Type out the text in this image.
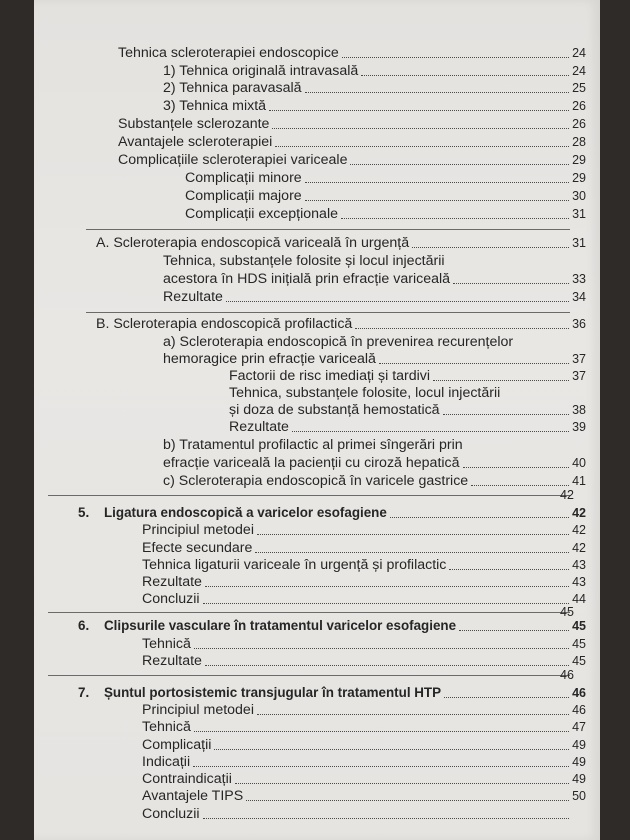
Tehnica scleroterapiei endoscopice	24
1) Tehnica originală intravasală	24
2) Tehnica paravasală	25
3) Tehnica mixtă	26
Substanțele sclerozante	26
Avantajele scleroterapiei	28
Complicațiile scleroterapiei variceale	29
Complicații minore	29
Complicații majore	30
Complicații excepționale	31
A. Scleroterapia endoscopică variceală în urgență	31
Tehnica, substanțele folosite și locul injectării
acestora în HDS inițială prin efracție variceală	33
Rezultate	34
B. Scleroterapia endoscopică profilactică	36
a) Scleroterapia endoscopică în prevenirea recurențelor
hemoragice prin efracție variceală	37
Factorii de risc imediați și tardivi	37
Tehnica, substanțele folosite, locul injectării
și doza de substanță hemostatică	38
Rezultate	39
b) Tratamentul profilactic al primei sîngerări prin
efracție variceală la pacienții cu ciroză hepatică	40
c) Scleroterapia endoscopică în varicele gastrice	41
42
5. Ligatura endoscopică a varicelor esofagiene	42
Principiul metodei	42
Efecte secundare	42
Tehnica ligaturii variceale în urgență și profilactic	43
Rezultate	43
Concluzii	44
45
6. Clipsurile vasculare în tratamentul varicelor esofagiene	45
Tehnică	45
Rezultate	45
46
7. Șuntul portosistemic transjugular în tratamentul HTP	46
Principiul metodei	46
Tehnică	47
Complicații	49
Indicații	49
Contraindicații	49
Avantajele TIPS	50
Concluzii
